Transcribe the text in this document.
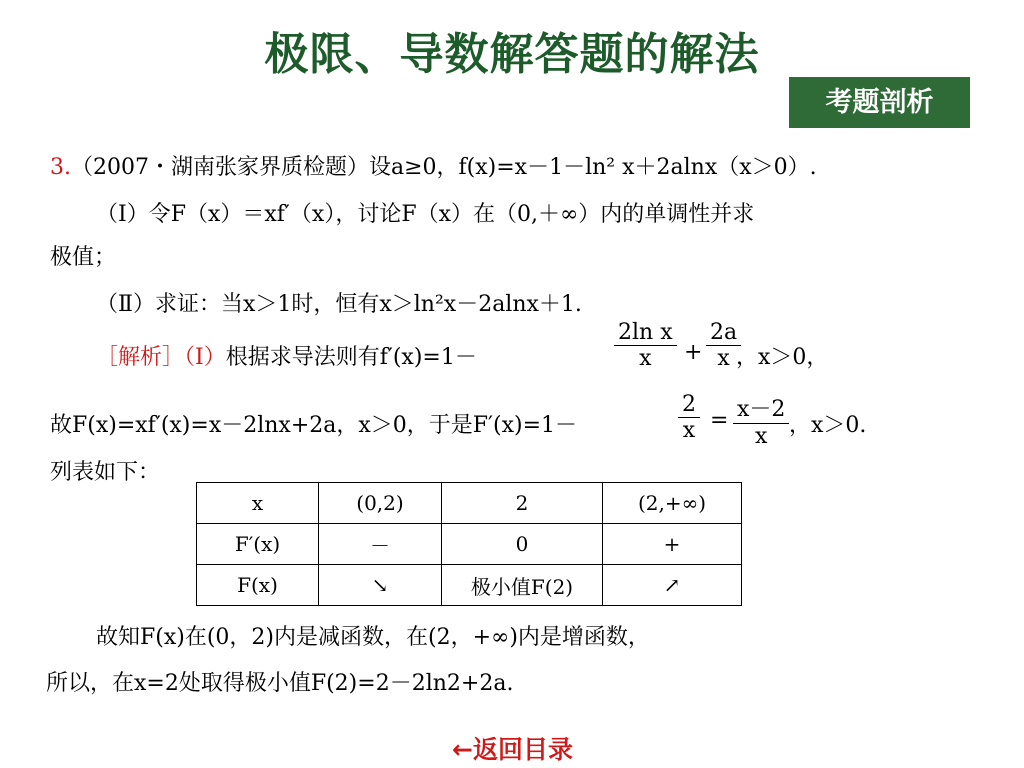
极限、导数解答题的解法
考题剖析
3.（2007・湖南张家界质检题）设a≥0，f(x)=x－1－ln² x＋2alnx（x＞0）.
（Ⅰ）令F（x）＝xf′（x），讨论F（x）在（0,＋∞）内的单调性并求
极值；
（Ⅱ）求证：当x＞1时，恒有x＞ln²x－2alnx＋1.
［解析］（Ⅰ）根据求导法则有f′(x)=1－
2ln x
x	+
2a
x ，x＞0，
故F(x)=xf′(x)=x－2lnx+2a，x＞0，于是F′(x)=1－
2
x = x－2
x ，x＞0.
列表如下：
x	(0,2)	2	(2,+∞)
F′(x)	－	0	+
F(x)	↘	极小值F(2)	↗
故知F(x)在(0，2)内是减函数，在(2，+∞)内是增函数，
所以，在x=2处取得极小值F(2)=2－2ln2+2a.
←返回目录
